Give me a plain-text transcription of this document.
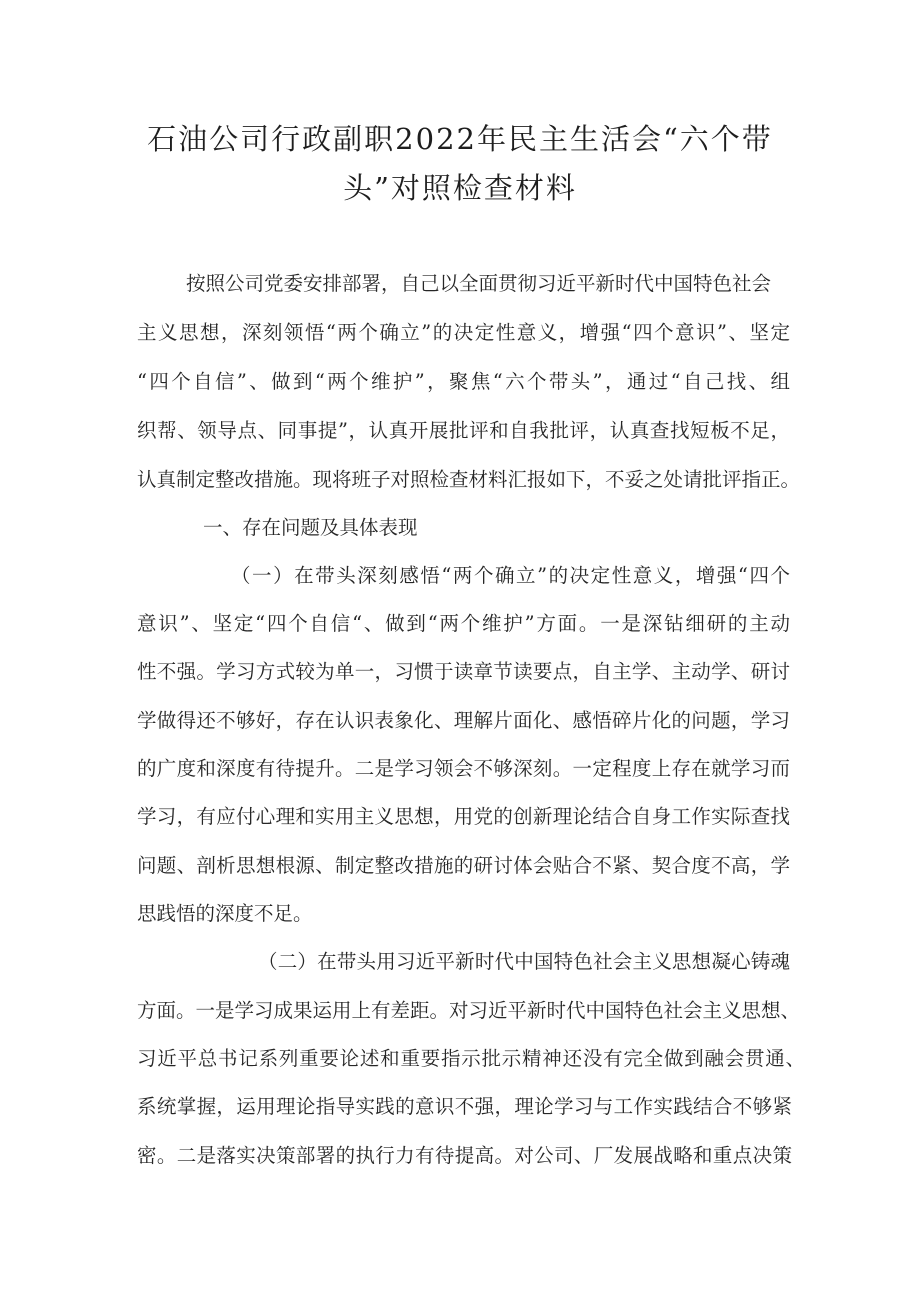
石油公司行政副职2022年民主生活会“六个带
头”对照检查材料
按照公司党委安排部署，自己以全面贯彻习近平新时代中国特色社会
主义思想，深刻领悟“两个确立”的决定性意义，增强“四个意识”、坚定
“四个自信”、做到“两个维护”，聚焦“六个带头”，通过“自己找、组
织帮、领导点、同事提”，认真开展批评和自我批评，认真查找短板不足，
认真制定整改措施。现将班子对照检查材料汇报如下，不妥之处请批评指正。
一、存在问题及具体表现
（一）在带头深刻感悟“两个确立”的决定性意义，增强“四个
意识”、坚定“四个自信“、做到“两个维护”方面。一是深钻细研的主动
性不强。学习方式较为单一，习惯于读章节读要点，自主学、主动学、研讨
学做得还不够好，存在认识表象化、理解片面化、感悟碎片化的问题，学习
的广度和深度有待提升。二是学习领会不够深刻。一定程度上存在就学习而
学习，有应付心理和实用主义思想，用党的创新理论结合自身工作实际查找
问题、剖析思想根源、制定整改措施的研讨体会贴合不紧、契合度不高，学
思践悟的深度不足。
（二）在带头用习近平新时代中国特色社会主义思想凝心铸魂
方面。一是学习成果运用上有差距。对习近平新时代中国特色社会主义思想、
习近平总书记系列重要论述和重要指示批示精神还没有完全做到融会贯通、
系统掌握，运用理论指导实践的意识不强，理论学习与工作实践结合不够紧
密。二是落实决策部署的执行力有待提高。对公司、厂发展战略和重点决策
